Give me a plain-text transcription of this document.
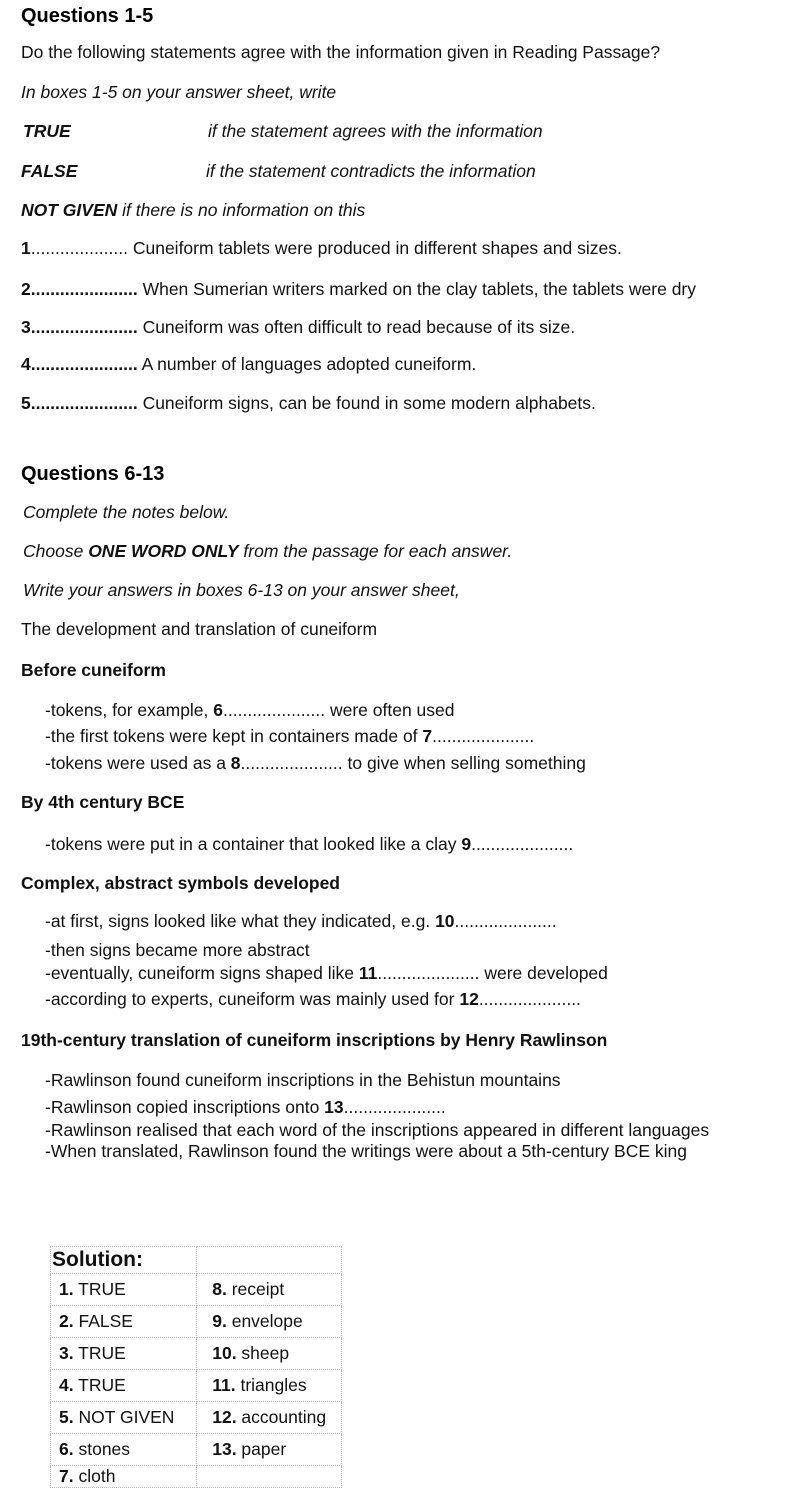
Questions 1-5
Do the following statements agree with the information given in Reading Passage?
In boxes 1-5 on your answer sheet, write
TRUE	if the statement agrees with the information
FALSE	if the statement contradicts the information
NOT GIVEN if there is no information on this
1.................... Cuneiform tablets were produced in different shapes and sizes.
2...................... When Sumerian writers marked on the clay tablets, the tablets were dry
3...................... Cuneiform was often difficult to read because of its size.
4...................... A number of languages adopted cuneiform.
5...................... Cuneiform signs, can be found in some modern alphabets.
Questions 6-13
Complete the notes below.
Choose ONE WORD ONLY from the passage for each answer.
Write your answers in boxes 6-13 on your answer sheet,
The development and translation of cuneiform
Before cuneiform
-tokens, for example, 6..................... were often used
-the first tokens were kept in containers made of 7.....................
-tokens were used as a 8..................... to give when selling something
By 4th century BCE
-tokens were put in a container that looked like a clay 9.....................
Complex, abstract symbols developed
-at first, signs looked like what they indicated, e.g. 10.....................
-then signs became more abstract
-eventually, cuneiform signs shaped like 11..................... were developed
-according to experts, cuneiform was mainly used for 12.....................
19th-century translation of cuneiform inscriptions by Henry Rawlinson
-Rawlinson found cuneiform inscriptions in the Behistun mountains
-Rawlinson copied inscriptions onto 13.....................
-Rawlinson realised that each word of the inscriptions appeared in different languages
-When translated, Rawlinson found the writings were about a 5th-century BCE king
Solution:	
1. TRUE	8. receipt
2. FALSE	9. envelope
3. TRUE	10. sheep
4. TRUE	11. triangles
5. NOT GIVEN	12. accounting
6. stones	13. paper
7. cloth	
